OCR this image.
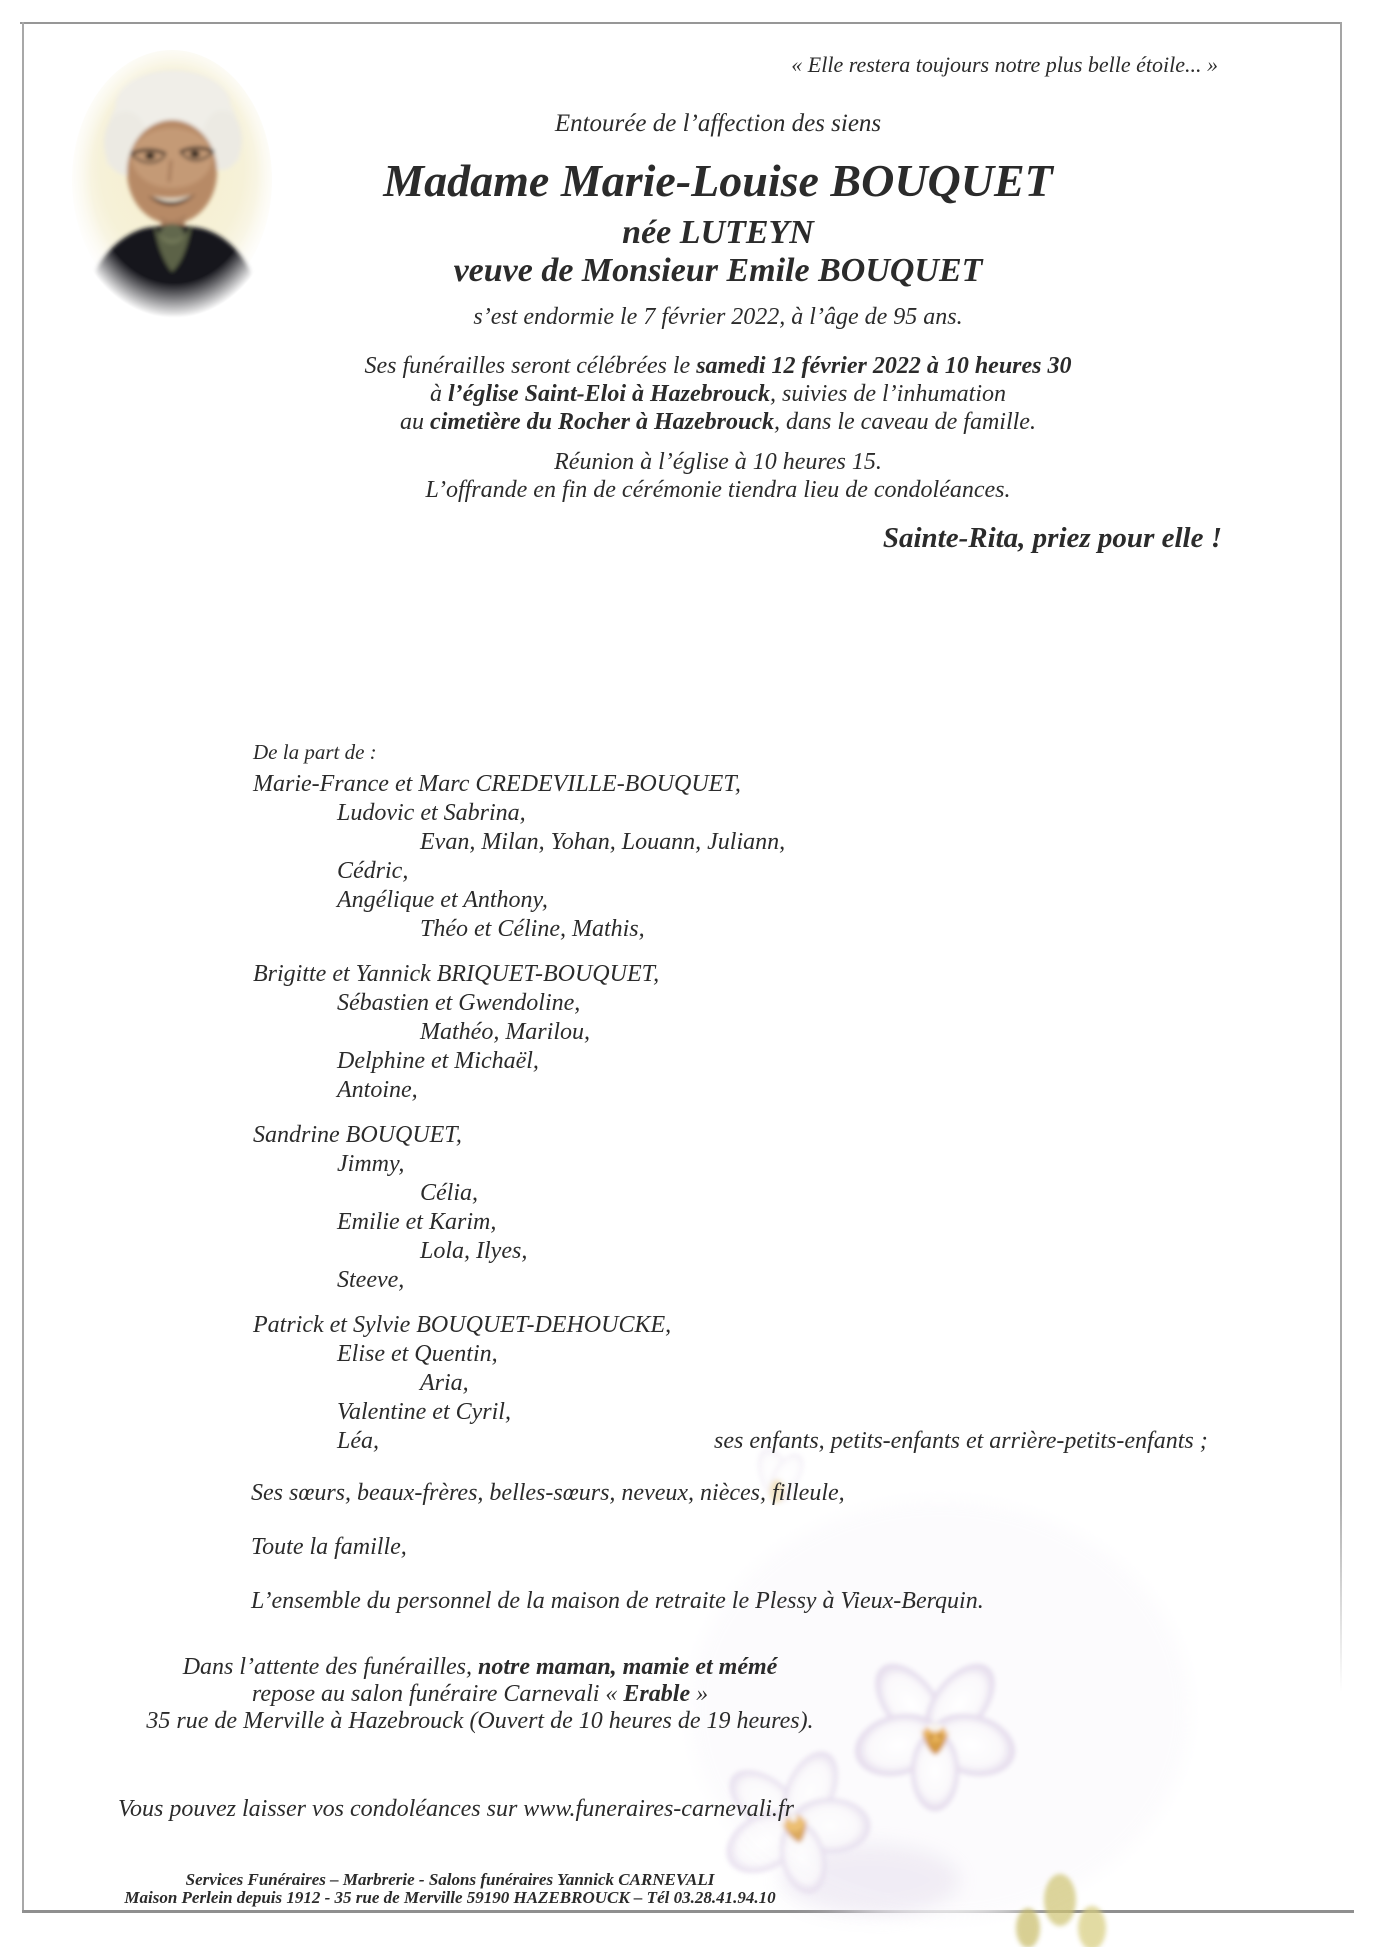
« Elle restera toujours notre plus belle étoile... »
Entourée de l’affection des siens
Madame Marie-Louise BOUQUET
née LUTEYN
veuve de Monsieur Emile BOUQUET
s’est endormie le 7 février 2022, à l’âge de 95 ans.
Ses funérailles seront célébrées le samedi 12 février 2022 à 10 heures 30
à l’église Saint-Eloi à Hazebrouck, suivies de l’inhumation
au cimetière du Rocher à Hazebrouck, dans le caveau de famille.
Réunion à l’église à 10 heures 15.
L’offrande en fin de cérémonie tiendra lieu de condoléances.
Sainte-Rita, priez pour elle !
De la part de :
Marie-France et Marc CREDEVILLE-BOUQUET,
Ludovic et Sabrina,
Evan, Milan, Yohan, Louann, Juliann,
Cédric,
Angélique et Anthony,
Théo et Céline, Mathis,
Brigitte et Yannick BRIQUET-BOUQUET,
Sébastien et Gwendoline,
Mathéo, Marilou,
Delphine et Michaël,
Antoine,
Sandrine BOUQUET,
Jimmy,
Célia,
Emilie et Karim,
Lola, Ilyes,
Steeve,
Patrick et Sylvie BOUQUET-DEHOUCKE,
Elise et Quentin,
Aria,
Valentine et Cyril,
Léa,	ses enfants, petits-enfants et arrière-petits-enfants ;
Ses sœurs, beaux-frères, belles-sœurs, neveux, nièces, filleule,
Toute la famille,
L’ensemble du personnel de la maison de retraite le Plessy à Vieux-Berquin.
Dans l’attente des funérailles, notre maman, mamie et mémé
repose au salon funéraire Carnevali « Erable »
35 rue de Merville à Hazebrouck (Ouvert de 10 heures de 19 heures).
Vous pouvez laisser vos condoléances sur www.funeraires-carnevali.fr
Services Funéraires – Marbrerie - Salons funéraires Yannick CARNEVALI
Maison Perlein depuis 1912 - 35 rue de Merville 59190 HAZEBROUCK – Tél 03.28.41.94.10
